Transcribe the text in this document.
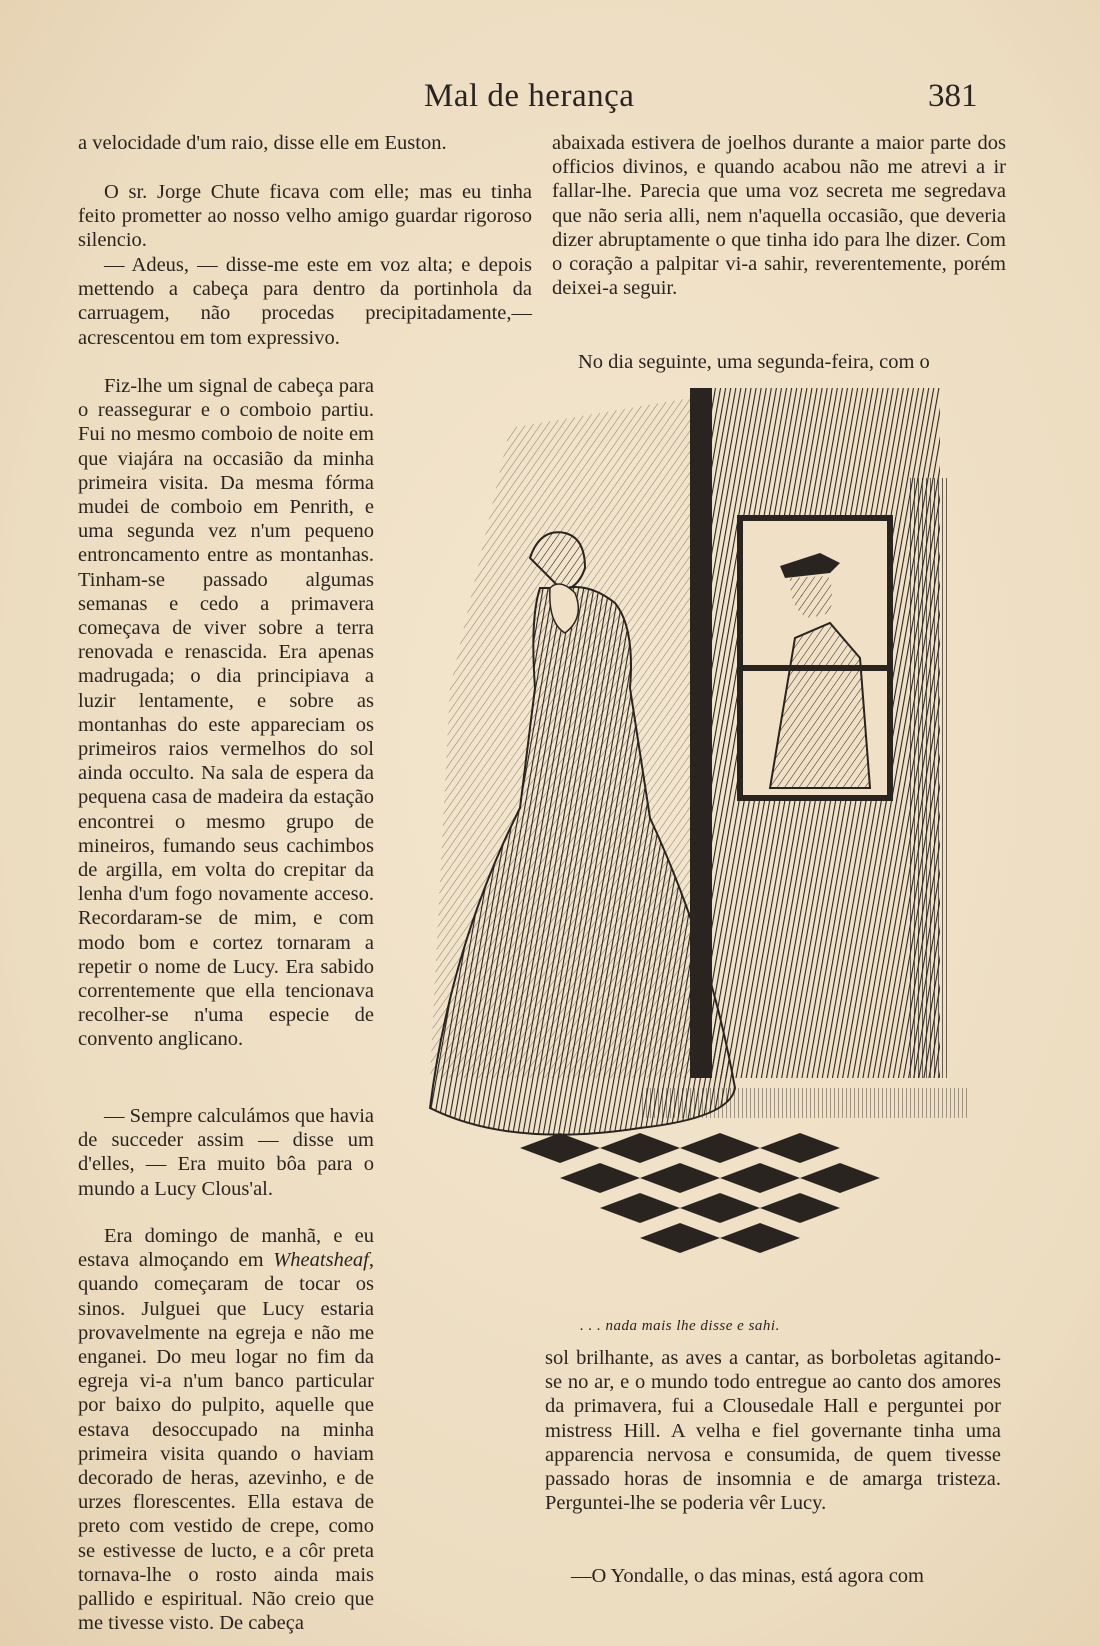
Mal de herança	381

a velocidade d'um raio, disse elle em Euston.

O sr. Jorge Chute ficava com elle; mas eu tinha feito prometter ao nosso velho amigo guardar rigoroso silencio.

— Adeus, — disse-me este em voz alta; e depois mettendo a cabeça para dentro da portinhola da carruagem, não procedas precipitadamente,—acrescentou em tom expressivo.

Fiz-lhe um signal de cabeça para o reassegurar e o comboio partiu. Fui no mesmo comboio de noite em que viajára na occasião da minha primeira visita. Da mesma fórma mudei de comboio em Penrith, e uma segunda vez n'um pequeno entroncamento entre as montanhas. Tinham-se passado algumas semanas e cedo a primavera começava de viver sobre a terra renovada e renascida. Era apenas madrugada; o dia principiava a luzir lentamente, e sobre as montanhas do este appareciam os primeiros raios vermelhos do sol ainda occulto. Na sala de espera da pequena casa de madeira da estação encontrei o mesmo grupo de mineiros, fumando seus cachimbos de argilla, em volta do crepitar da lenha d'um fogo novamente acceso. Recordaram-se de mim, e com modo bom e cortez tornaram a repetir o nome de Lucy. Era sabido correntemente que ella tencionava recolher-se n'uma especie de convento anglicano.

— Sempre calculámos que havia de succeder assim — disse um d'elles, — Era muito bôa para o mundo a Lucy Clous'al.

Era domingo de manhã, e eu estava almoçando em Wheatsheaf, quando começaram de tocar os sinos. Julguei que Lucy estaria provavelmente na egreja e não me enganei. Do meu logar no fim da egreja vi-a n'um banco particular por baixo do pulpito, aquelle que estava desoccupado na minha primeira visita quando o haviam decorado de heras, azevinho, e de urzes florescentes. Ella estava de preto com vestido de crepe, como se estivesse de lucto, e a côr preta tornava-lhe o rosto ainda mais pallido e espiritual. Não creio que me tivesse visto. De cabeça

abaixada estivera de joelhos durante a maior parte dos officios divinos, e quando acabou não me atrevi a ir fallar-lhe. Parecia que uma voz secreta me segredava que não seria alli, nem n'aquella occasião, que deveria dizer abruptamente o que tinha ido para lhe dizer. Com o coração a palpitar vi-a sahir, reverentemente, porém deixei-a seguir.

No dia seguinte, uma segunda-feira, com o

. . . nada mais lhe disse e sahi.

sol brilhante, as aves a cantar, as borboletas agitando-se no ar, e o mundo todo entregue ao canto dos amores da primavera, fui a Clousedale Hall e perguntei por mistress Hill. A velha e fiel governante tinha uma apparencia nervosa e consumida, de quem tivesse passado horas de insomnia e de amarga tristeza. Perguntei-lhe se poderia vêr Lucy.

—O Yondalle, o das minas, está agora com
